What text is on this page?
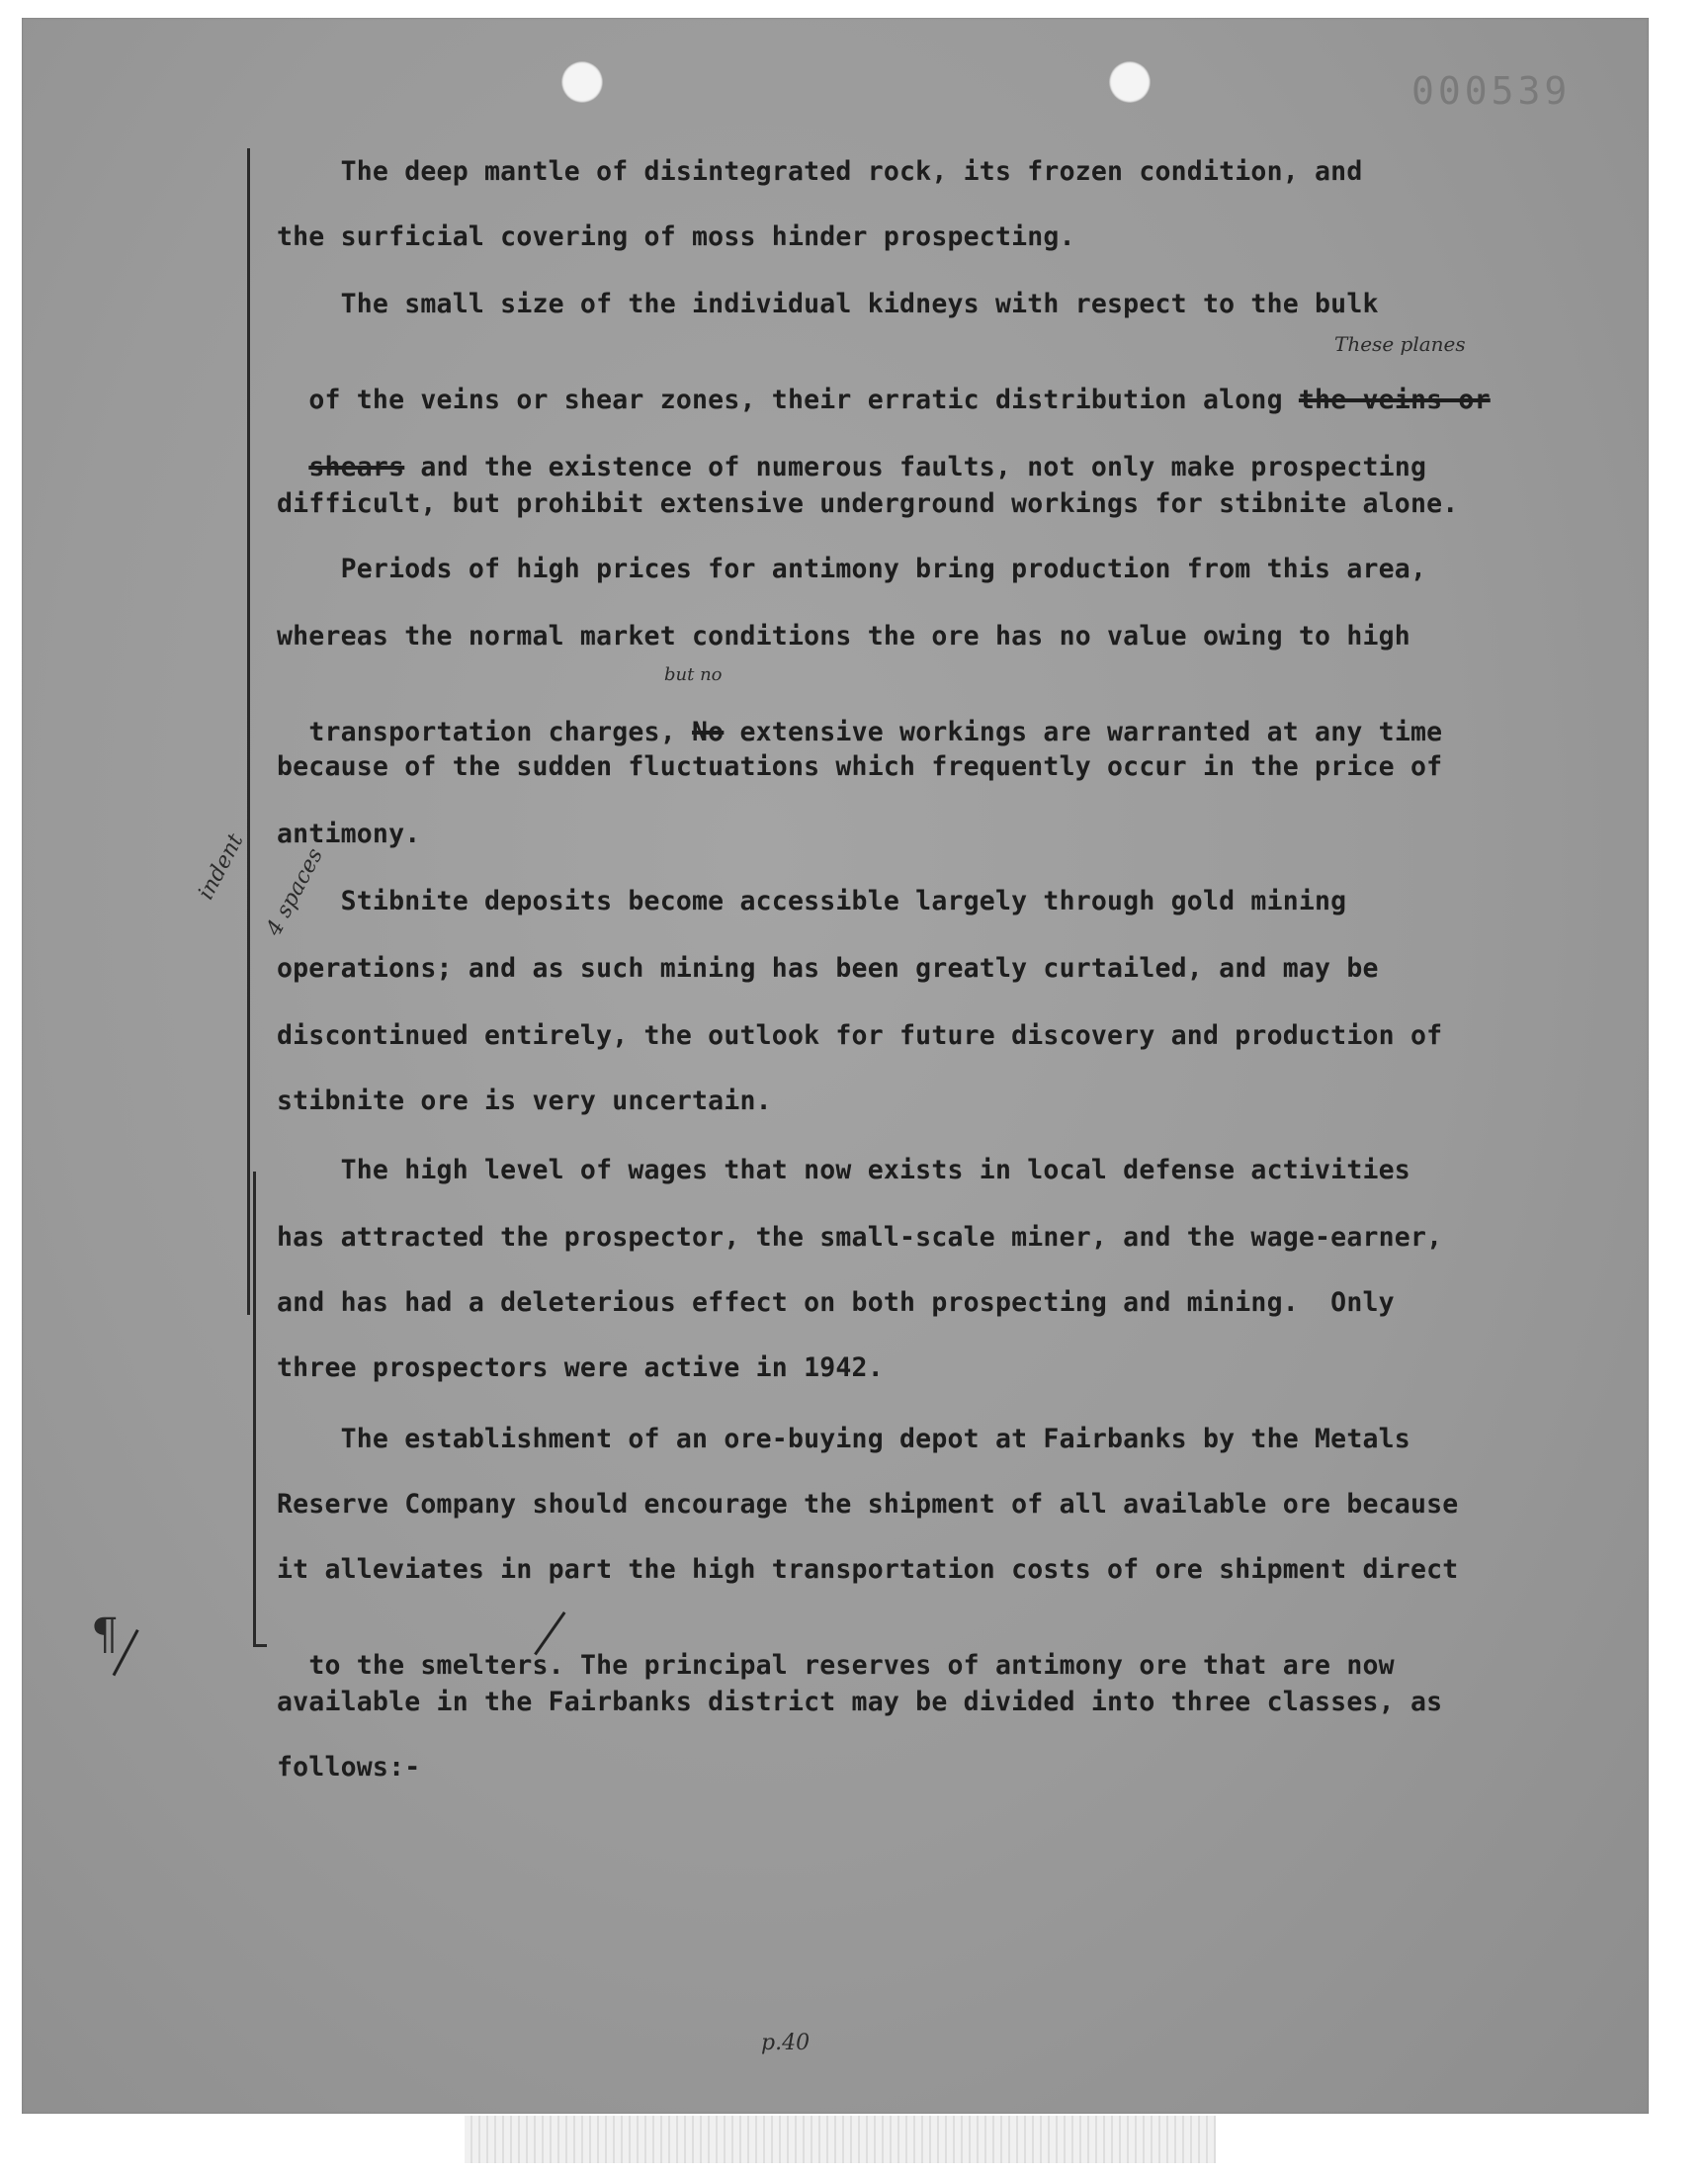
000539
The deep mantle of disintegrated rock, its frozen condition, and
the surficial covering of moss hinder prospecting.
The small size of the individual kidneys with respect to the bulk

of the veins or shear zones, their erratic distribution along the veins or

shears and the existence of numerous faults, not only make prospecting

difficult, but prohibit extensive underground workings for stibnite alone.
Periods of high prices for antimony bring production from this area,
whereas the normal market conditions the ore has no value owing to high

transportation charges, No extensive workings are warranted at any time

because of the sudden fluctuations which frequently occur in the price of
antimony.
Stibnite deposits become accessible largely through gold mining
operations; and as such mining has been greatly curtailed, and may be
discontinued entirely, the outlook for future discovery and production of
stibnite ore is very uncertain.
The high level of wages that now exists in local defense activities
has attracted the prospector, the small-scale miner, and the wage-earner,
and has had a deleterious effect on both prospecting and mining.  Only
three prospectors were active in 1942.
The establishment of an ore-buying depot at Fairbanks by the Metals
Reserve Company should encourage the shipment of all available ore because
it alleviates in part the high transportation costs of ore shipment direct

to the smelters. The principal reserves of antimony ore that are now

available in the Fairbanks district may be divided into three classes, as
follows:-
These planes
but no

indent

4 spaces

¶
p.40
